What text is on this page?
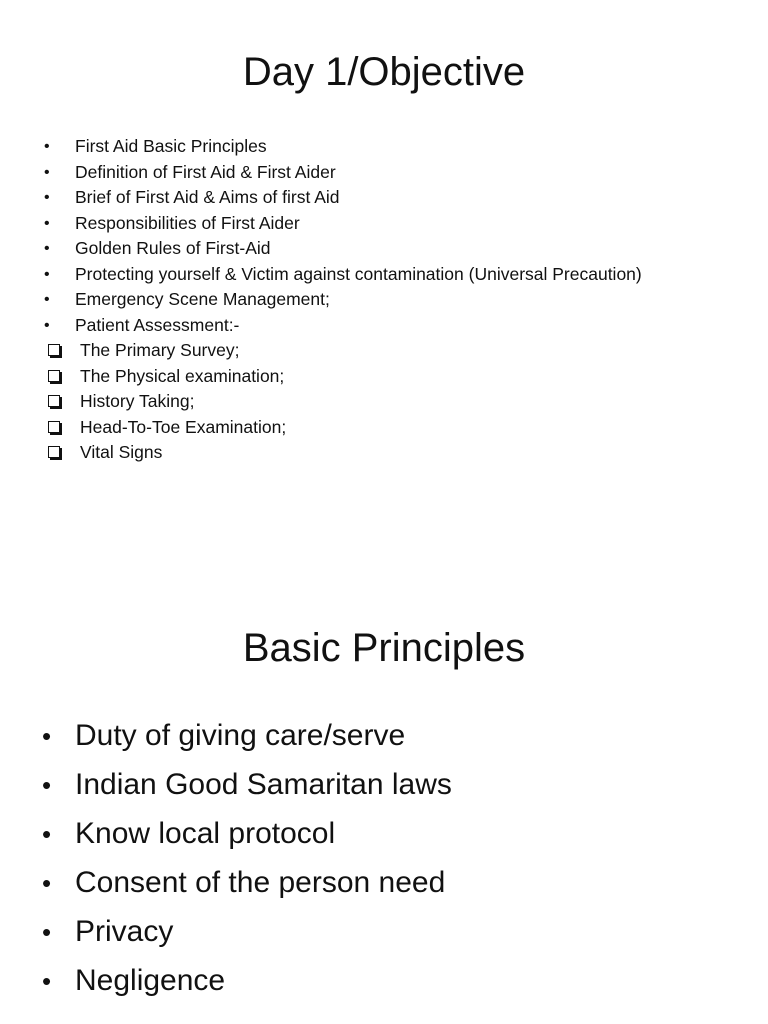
Day 1/Objective
•	First Aid Basic Principles
•	Definition of First Aid & First Aider
•	Brief of First Aid & Aims of first Aid
•	Responsibilities of First Aider
•	Golden Rules of First-Aid
•	Protecting yourself & Victim against contamination (Universal Precaution)
•	Emergency Scene Management;
•	Patient Assessment:-
The Primary Survey;
The Physical examination;
History Taking;
Head-To-Toe Examination;
Vital Signs
Basic Principles
• Duty of giving care/serve
• Indian Good Samaritan laws
• Know local protocol
• Consent of the person need
• Privacy
• Negligence
